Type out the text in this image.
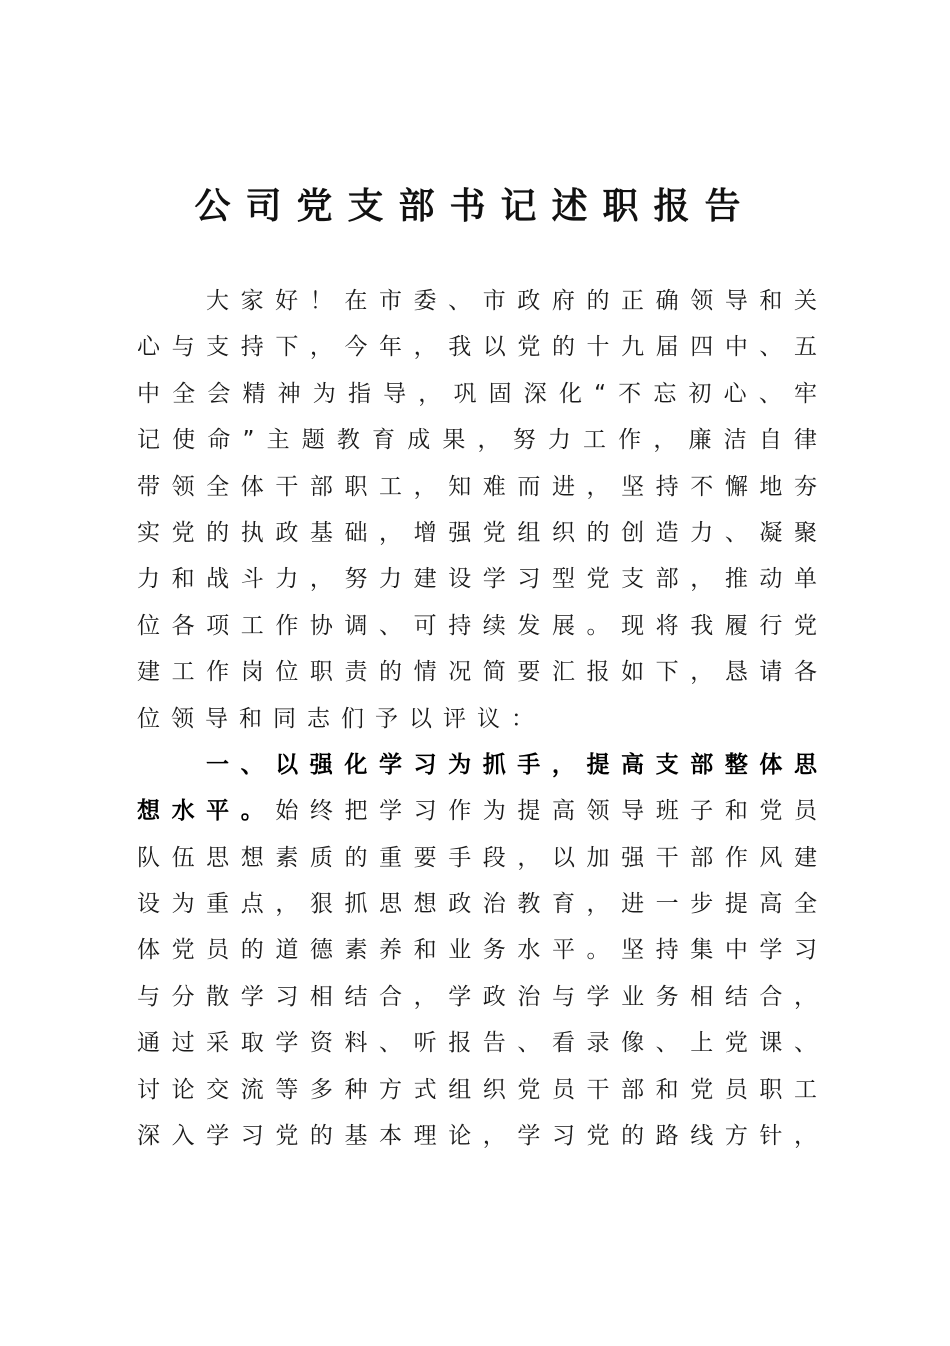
公司党支部书记述职报告
大家好！在市委、市政府的正确领导和关
心与支持下，今年，我以党的十九届四中、五
中全会精神为指导，巩固深化“不忘初心、牢
记使命”主题教育成果，努力工作，廉洁自律
带领全体干部职工，知难而进，坚持不懈地夯
实党的执政基础，增强党组织的创造力、凝聚
力和战斗力，努力建设学习型党支部，推动单
位各项工作协调、可持续发展。现将我履行党
建工作岗位职责的情况简要汇报如下，恳请各
位领导和同志们予以评议：
一、以强化学习为抓手，提高支部整体思
想水平。始终把学习作为提高领导班子和党员
队伍思想素质的重要手段，以加强干部作风建
设为重点，狠抓思想政治教育，进一步提高全
体党员的道德素养和业务水平。坚持集中学习
与分散学习相结合，学政治与学业务相结合，
通过采取学资料、听报告、看录像、上党课、
讨论交流等多种方式组织党员干部和党员职工
深入学习党的基本理论，学习党的路线方针，
